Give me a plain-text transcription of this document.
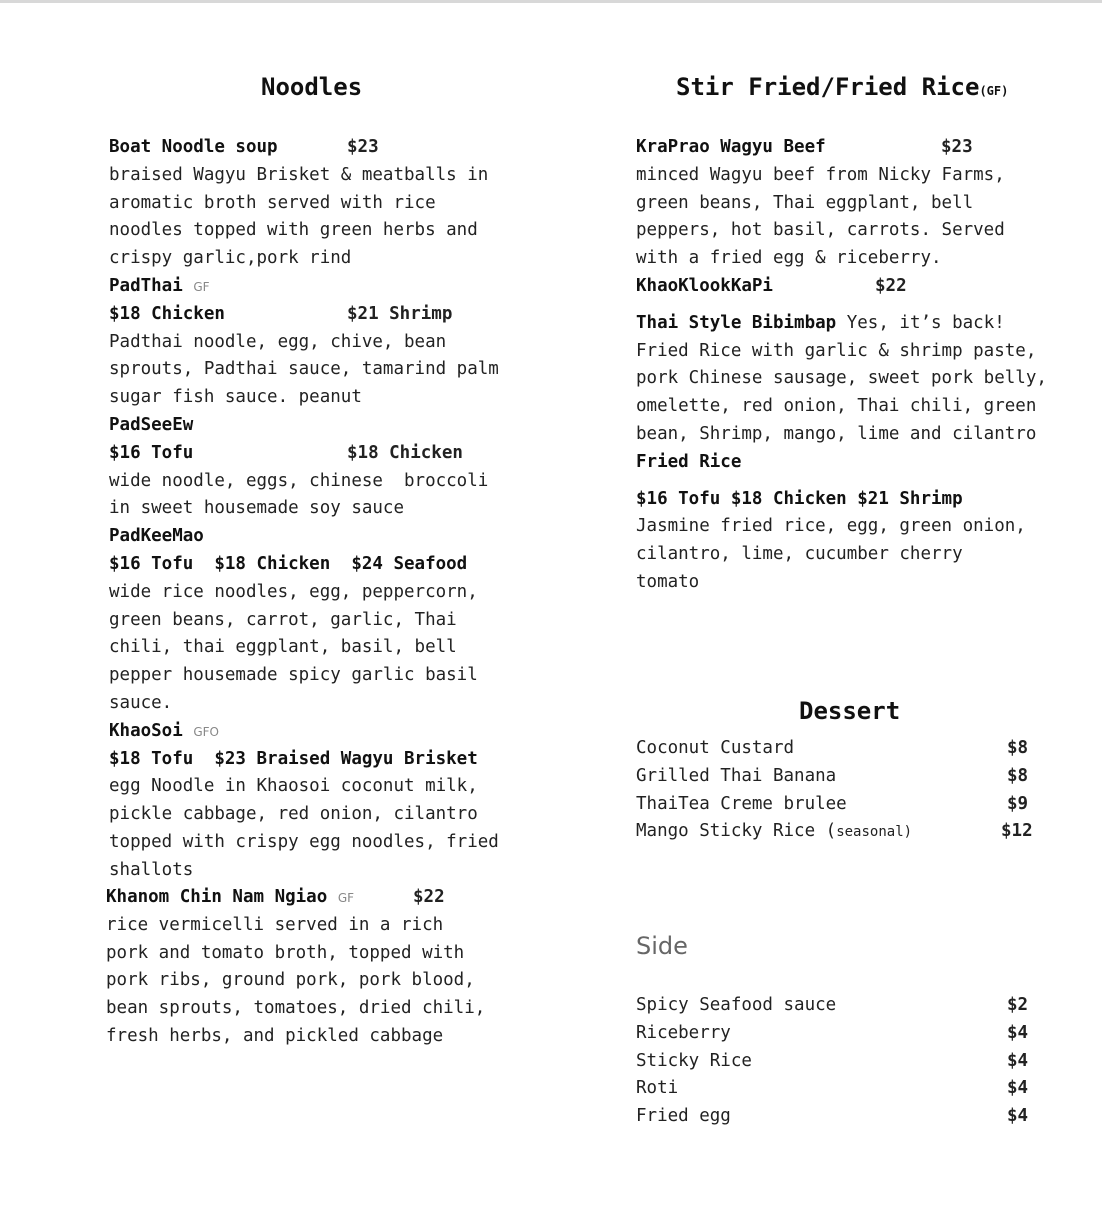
Noodles
Boat Noodle soup	$23
braised Wagyu Brisket & meatballs in
aromatic broth served with rice
noodles topped with green herbs and
crispy garlic,pork rind
PadThai GF
$18 Chicken	$21 Shrimp
Padthai noodle, egg, chive, bean
sprouts, Padthai sauce, tamarind palm
sugar fish sauce. peanut
PadSeeEw
$16 Tofu	$18 Chicken
wide noodle, eggs, chinese  broccoli
in sweet housemade soy sauce
PadKeeMao
$16 Tofu  $18 Chicken  $24 Seafood
wide rice noodles, egg, peppercorn,
green beans, carrot, garlic, Thai
chili, thai eggplant, basil, bell
pepper housemade spicy garlic basil
sauce.
KhaoSoi GFO
$18 Tofu  $23 Braised Wagyu Brisket
egg Noodle in Khaosoi coconut milk,
pickle cabbage, red onion, cilantro
topped with crispy egg noodles, fried
shallots
Khanom Chin Nam Ngiao GF	$22
rice vermicelli served in a rich
pork and tomato broth, topped with
pork ribs, ground pork, pork blood,
bean sprouts, tomatoes, dried chili,
fresh herbs, and pickled cabbage
Stir Fried/Fried Rice(GF)
KraPrao Wagyu Beef	$23
minced Wagyu beef from Nicky Farms,
green beans, Thai eggplant, bell
peppers, hot basil, carrots. Served
with a fried egg & riceberry.
KhaoKlookKaPi	$22
Thai Style Bibimbap Yes, it’s back!
Fried Rice with garlic & shrimp paste,
pork Chinese sausage, sweet pork belly,
omelette, red onion, Thai chili, green
bean, Shrimp, mango, lime and cilantro
Fried Rice
$16 Tofu $18 Chicken $21 Shrimp
Jasmine fried rice, egg, green onion,
cilantro, lime, cucumber cherry
tomato
Dessert
Coconut Custard	$8
Grilled Thai Banana	$8
ThaiTea Creme brulee	$9
Mango Sticky Rice (seasonal)	$12
Side
Spicy Seafood sauce	$2
Riceberry	$4
Sticky Rice	$4
Roti	$4
Fried egg	$4
